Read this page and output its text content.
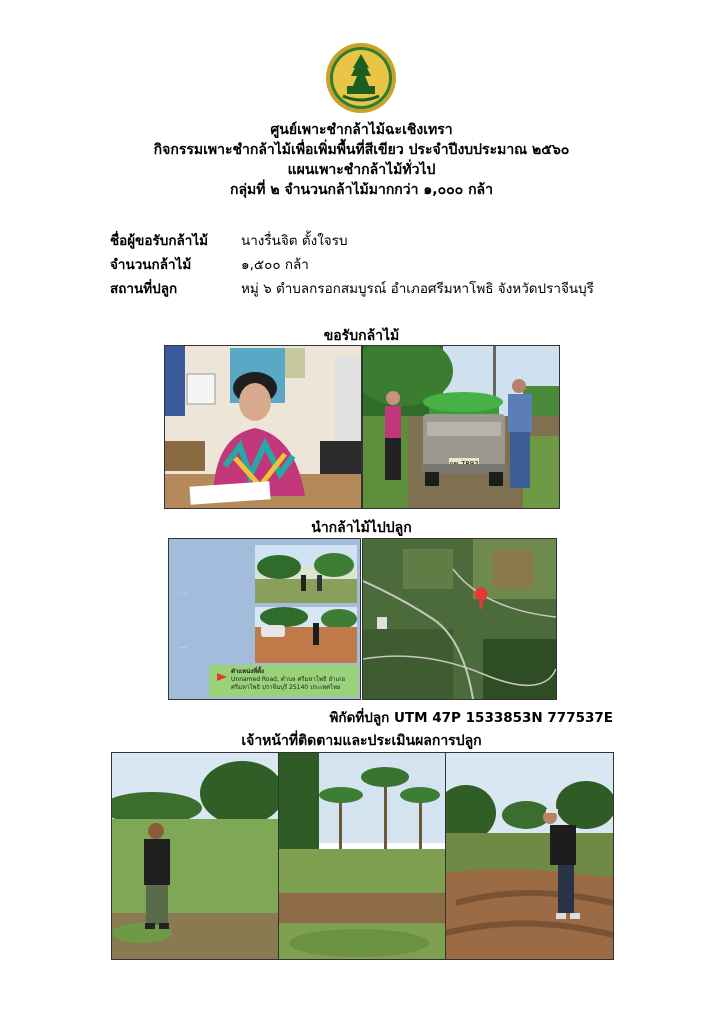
ศูนย์เพาะชำกล้าไม้ฉะเชิงเทรา
กิจกรรมเพาะชำกล้าไม้เพื่อเพิ่มพื้นที่สีเขียว ประจำปีงบประมาณ ๒๕๖๐
แผนเพาะชำกล้าไม้ทั่วไป
กลุ่มที่ ๒ จำนวนกล้าไม้มากกว่า ๑,๐๐๐ กล้า
ชื่อผู้ขอรับกล้าไม้ นางรื่นจิต ตั้งใจรบ
จำนวนกล้าไม้	๑,๕๐๐ กล้า
สถานที่ปลูก	หมู่ ๖ ตำบลกรอกสมบูรณ์ อำเภอศรีมหาโพธิ จังหวัดปราจีนบุรี
ขอรับกล้าไม้
นำกล้าไม้ไปปลูก
·····
·····
ตำแหน่งที่ตั้ง
Unnamed Road, ตำบล ศรีมหาโพธิ อำเภอ
ศรีมหาโพธิ ปราจีนบุรี 25140 ประเทศไทย
พิกัดที่ปลูก UTM 47P 1533853N 777537E
เจ้าหน้าที่ติดตามและประเมินผลการปลูก
